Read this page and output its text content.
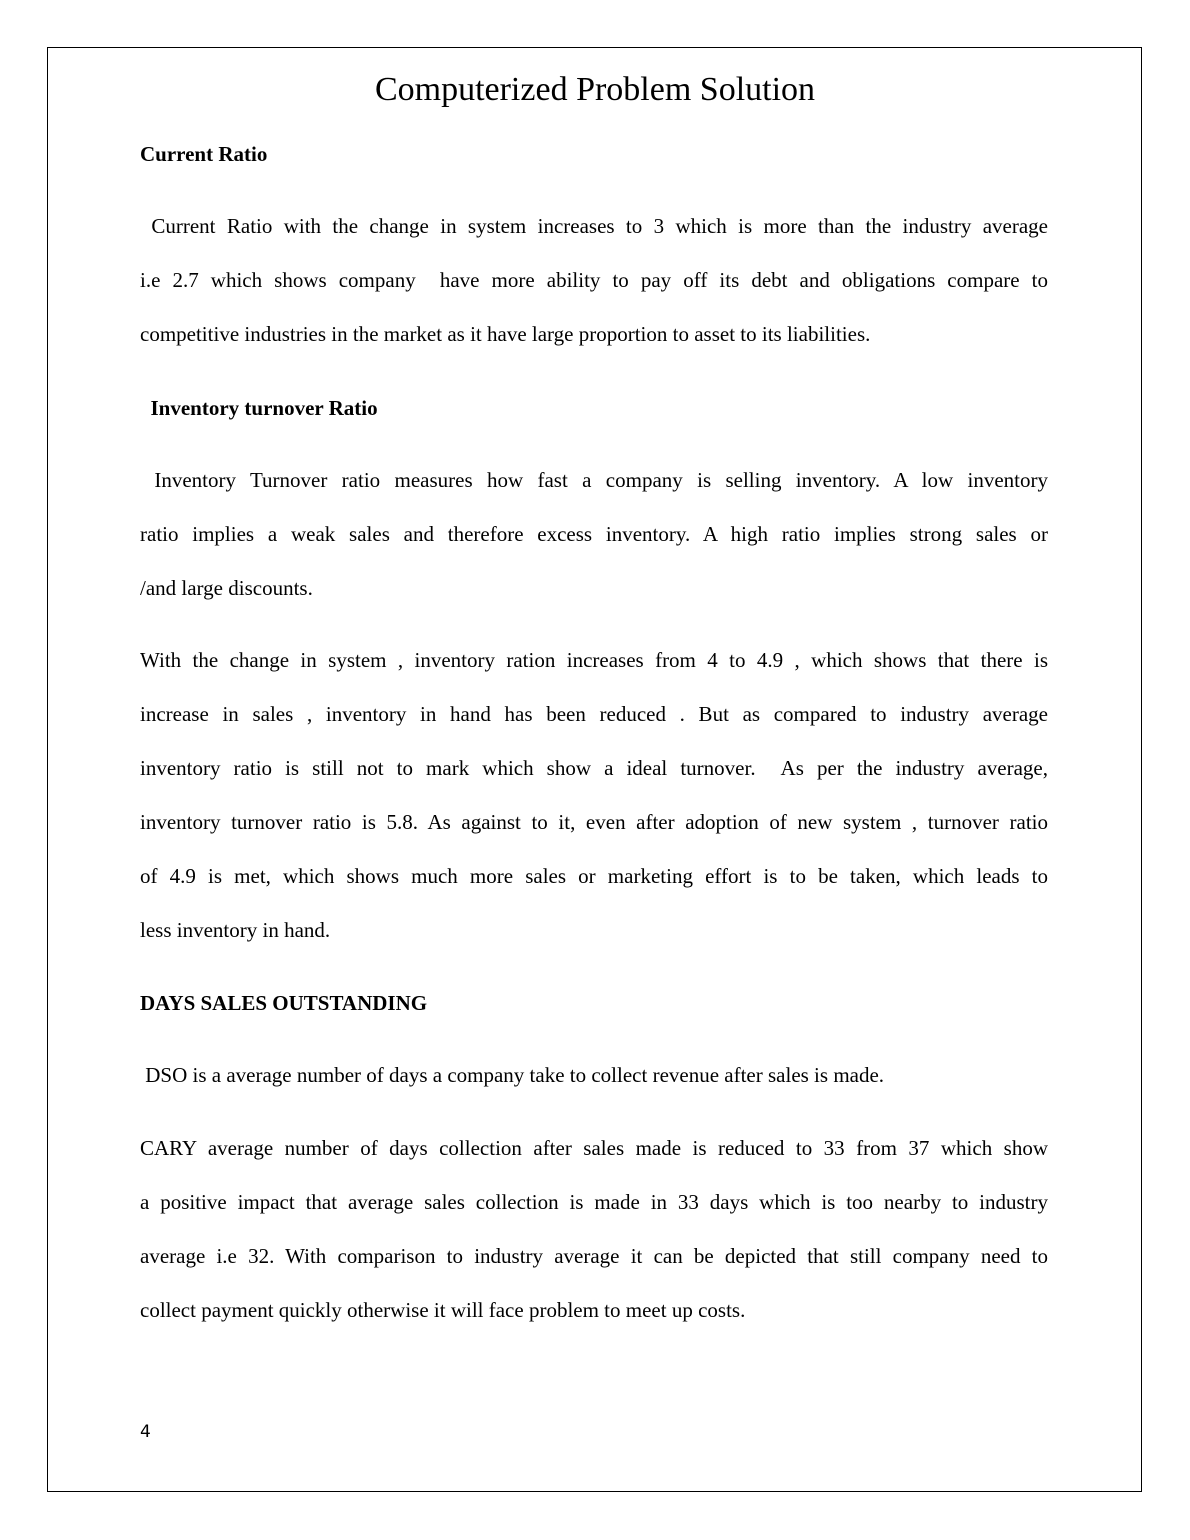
Computerized Problem Solution
Current Ratio
Current Ratio with the change in system increases to 3 which is more than the industry average
i.e 2.7 which shows company  have more ability to pay off its debt and obligations compare to
competitive industries in the market as it have large proportion to asset to its liabilities.
Inventory turnover Ratio
Inventory Turnover ratio measures how fast a company is selling inventory. A low inventory
ratio implies a weak sales and therefore excess inventory. A high ratio implies strong sales or
/and large discounts.
With the change in system , inventory ration increases from 4 to 4.9 , which shows that there is
increase in sales , inventory in hand has been reduced . But as compared to industry average
inventory ratio is still not to mark which show a ideal turnover.  As per the industry average,
inventory turnover ratio is 5.8. As against to it, even after adoption of new system , turnover ratio
of 4.9 is met, which shows much more sales or marketing effort is to be taken, which leads to
less inventory in hand.
DAYS SALES OUTSTANDING
DSO is a average number of days a company take to collect revenue after sales is made.
CARY average number of days collection after sales made is reduced to 33 from 37 which show
a positive impact that average sales collection is made in 33 days which is too nearby to industry
average i.e 32. With comparison to industry average it can be depicted that still company need to
collect payment quickly otherwise it will face problem to meet up costs.
4
